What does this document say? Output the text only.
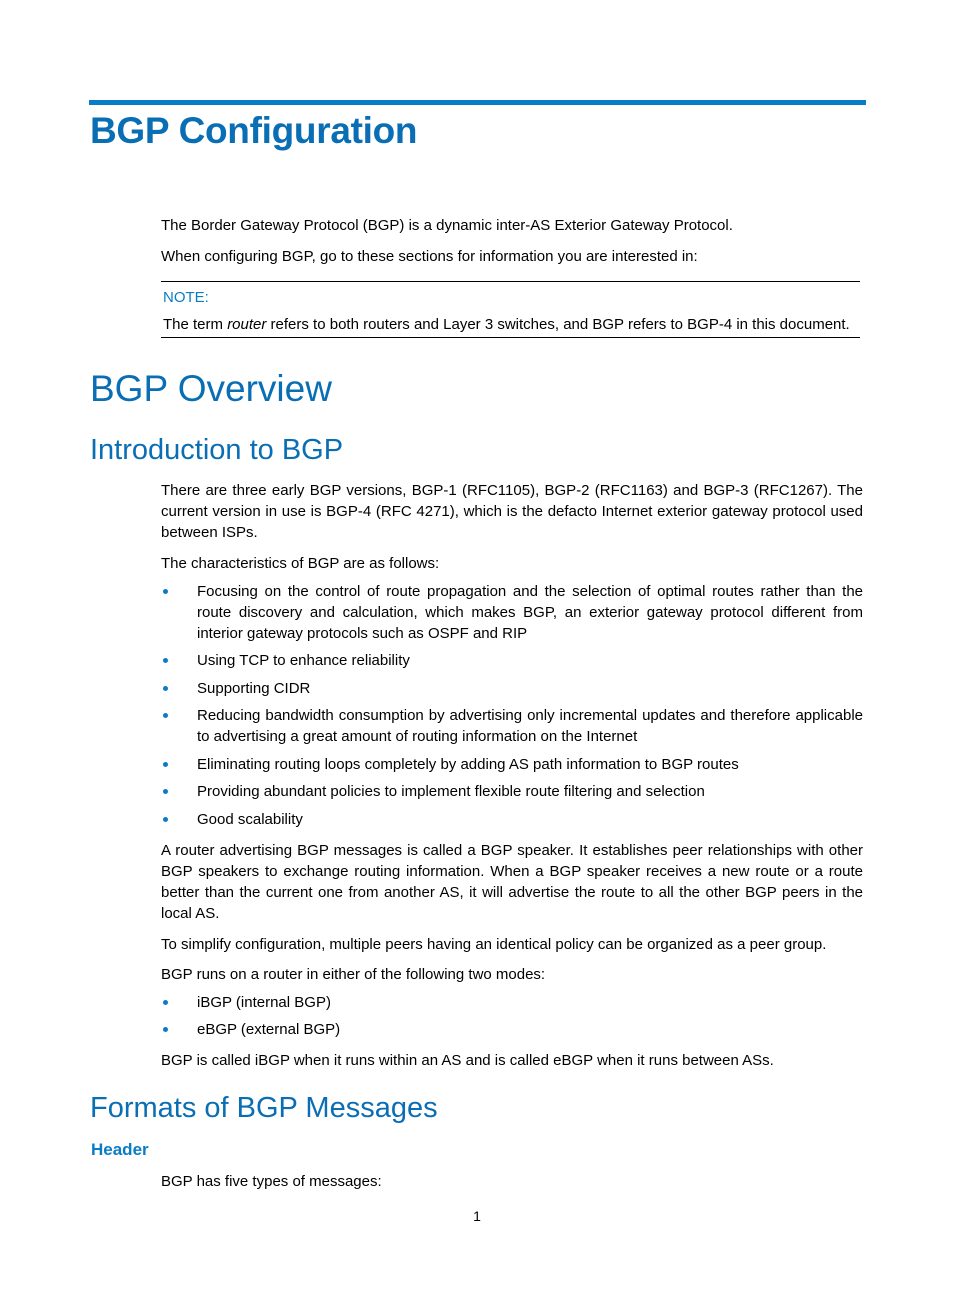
BGP Configuration
The Border Gateway Protocol (BGP) is a dynamic inter-AS Exterior Gateway Protocol.
When configuring BGP, go to these sections for information you are interested in:
NOTE:
The term router refers to both routers and Layer 3 switches, and BGP refers to BGP-4 in this document.
BGP Overview
Introduction to BGP
There are three early BGP versions, BGP-1 (RFC1105), BGP-2 (RFC1163) and BGP-3 (RFC1267). The current version in use is BGP-4 (RFC 4271), which is the defacto Internet exterior gateway protocol used between ISPs.
The characteristics of BGP are as follows:
Focusing on the control of route propagation and the selection of optimal routes rather than the route discovery and calculation, which makes BGP, an exterior gateway protocol different from interior gateway protocols such as OSPF and RIP
Using TCP to enhance reliability
Supporting CIDR
Reducing bandwidth consumption by advertising only incremental updates and therefore applicable to advertising a great amount of routing information on the Internet
Eliminating routing loops completely by adding AS path information to BGP routes
Providing abundant policies to implement flexible route filtering and selection
Good scalability
A router advertising BGP messages is called a BGP speaker. It establishes peer relationships with other BGP speakers to exchange routing information. When a BGP speaker receives a new route or a route better than the current one from another AS, it will advertise the route to all the other BGP peers in the local AS.
To simplify configuration, multiple peers having an identical policy can be organized as a peer group.
BGP runs on a router in either of the following two modes:
iBGP (internal BGP)
eBGP (external BGP)
BGP is called iBGP when it runs within an AS and is called eBGP when it runs between ASs.
Formats of BGP Messages
Header
BGP has five types of messages:
1
